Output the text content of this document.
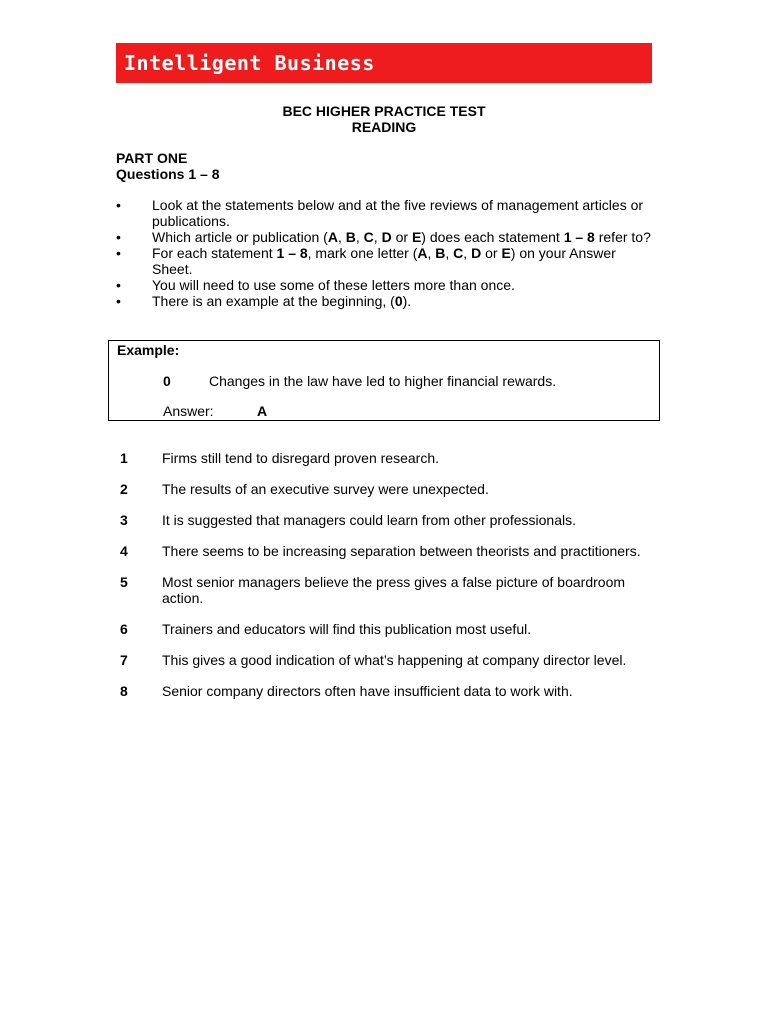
Intelligent Business
BEC HIGHER PRACTICE TEST
READING
PART ONE
Questions 1 – 8
• Look at the statements below and at the five reviews of management articles or publications.
• Which article or publication (A, B, C, D or E) does each statement 1 – 8 refer to?
• For each statement 1 – 8, mark one letter (A, B, C, D or E) on your Answer Sheet.
• You will need to use some of these letters more than once.
• There is an example at the beginning, (0).
Example:
0	Changes in the law have led to higher financial rewards.
Answer:	A
1 Firms still tend to disregard proven research.
2 The results of an executive survey were unexpected.
3 It is suggested that managers could learn from other professionals.
4 There seems to be increasing separation between theorists and practitioners.
5 Most senior managers believe the press gives a false picture of boardroom action.
6 Trainers and educators will find this publication most useful.
7 This gives a good indication of what’s happening at company director level.
8 Senior company directors often have insufficient data to work with.
